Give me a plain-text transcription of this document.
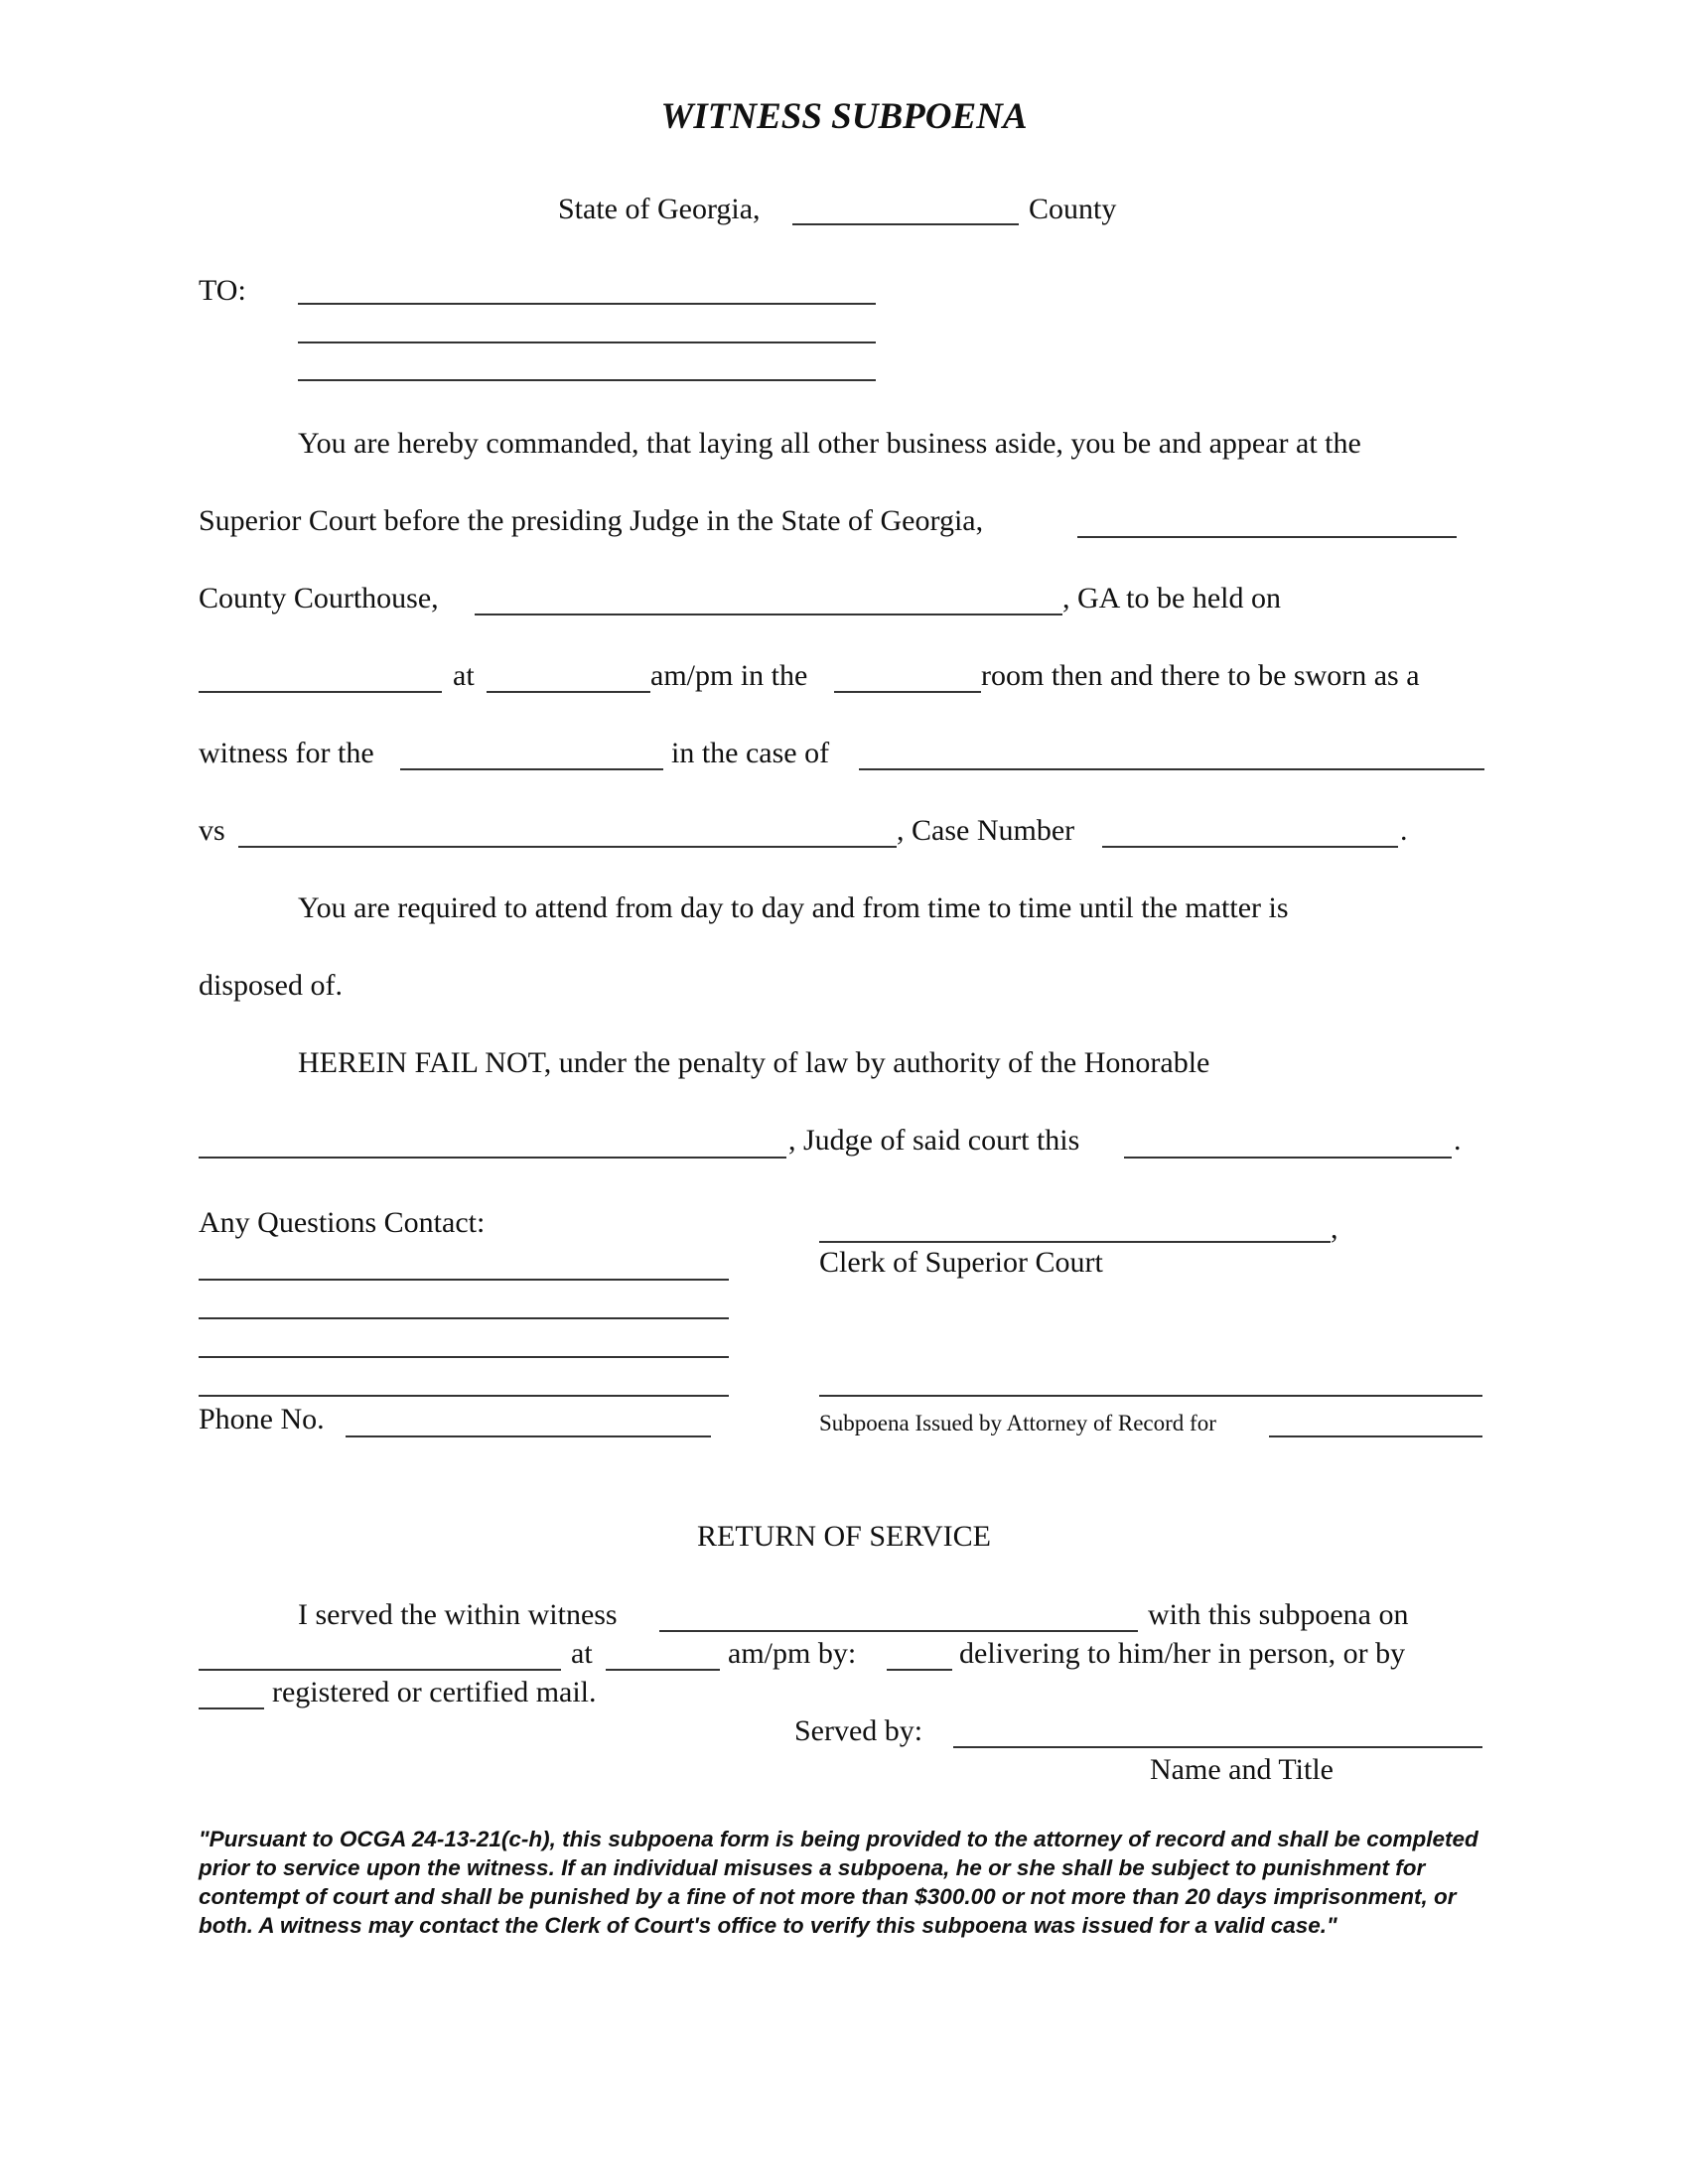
WITNESS SUBPOENA
State of Georgia,	County
TO:
You are hereby commanded, that laying all other business aside, you be and appear at the
Superior Court before the presiding Judge in the State of Georgia,
County Courthouse,	, GA to be held on
at	am/pm in the	room then and there to be sworn as a
witness for the	in the case of
vs	, Case Number	.
You are required to attend from day to day and from time to time until the matter is
disposed of.
HEREIN FAIL NOT, under the penalty of law by authority of the Honorable
, Judge of said court this	.
Any Questions Contact:
Phone No.
,
Clerk of Superior Court
Subpoena Issued by Attorney of Record for
RETURN OF SERVICE
I served the within witness	with this subpoena on
at	am/pm by:	delivering to him/her in person, or by
registered or certified mail.
Served by:
Name and Title
"Pursuant to OCGA 24-13-21(c-h), this subpoena form is being provided to the attorney of record and shall be completed prior to service upon the witness. If an individual misuses a subpoena, he or she shall be subject to punishment for contempt of court and shall be punished by a fine of not more than $300.00 or not more than 20 days imprisonment, or both. A witness may contact the Clerk of Court's office to verify this subpoena was issued for a valid case."
